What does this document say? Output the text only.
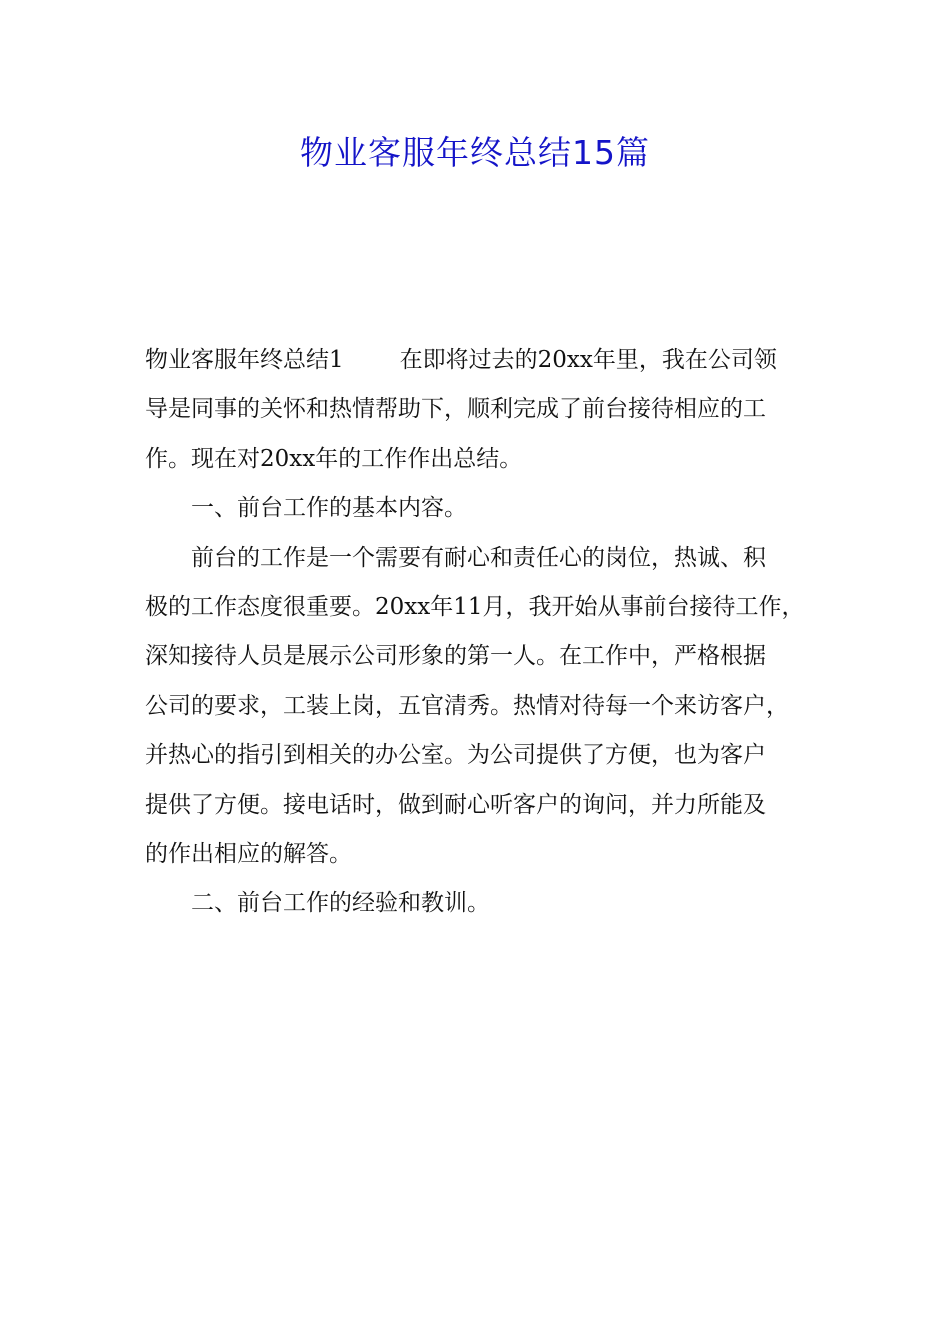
物业客服年终总结15篇

物业客服年终总结1 在即将过去的20xx年里，我在公司领

导是同事的关怀和热情帮助下，顺利完成了前台接待相应的工

作。现在对20xx年的工作作出总结。

一、前台工作的基本内容。

前台的工作是一个需要有耐心和责任心的岗位，热诚、积

极的工作态度很重要。20xx年11月，我开始从事前台接待工作，

深知接待人员是展示公司形象的第一人。在工作中，严格根据

公司的要求，工装上岗，五官清秀。热情对待每一个来访客户，

并热心的指引到相关的办公室。为公司提供了方便，也为客户

提供了方便。接电话时，做到耐心听客户的询问，并力所能及

的作出相应的解答。

二、前台工作的经验和教训。
